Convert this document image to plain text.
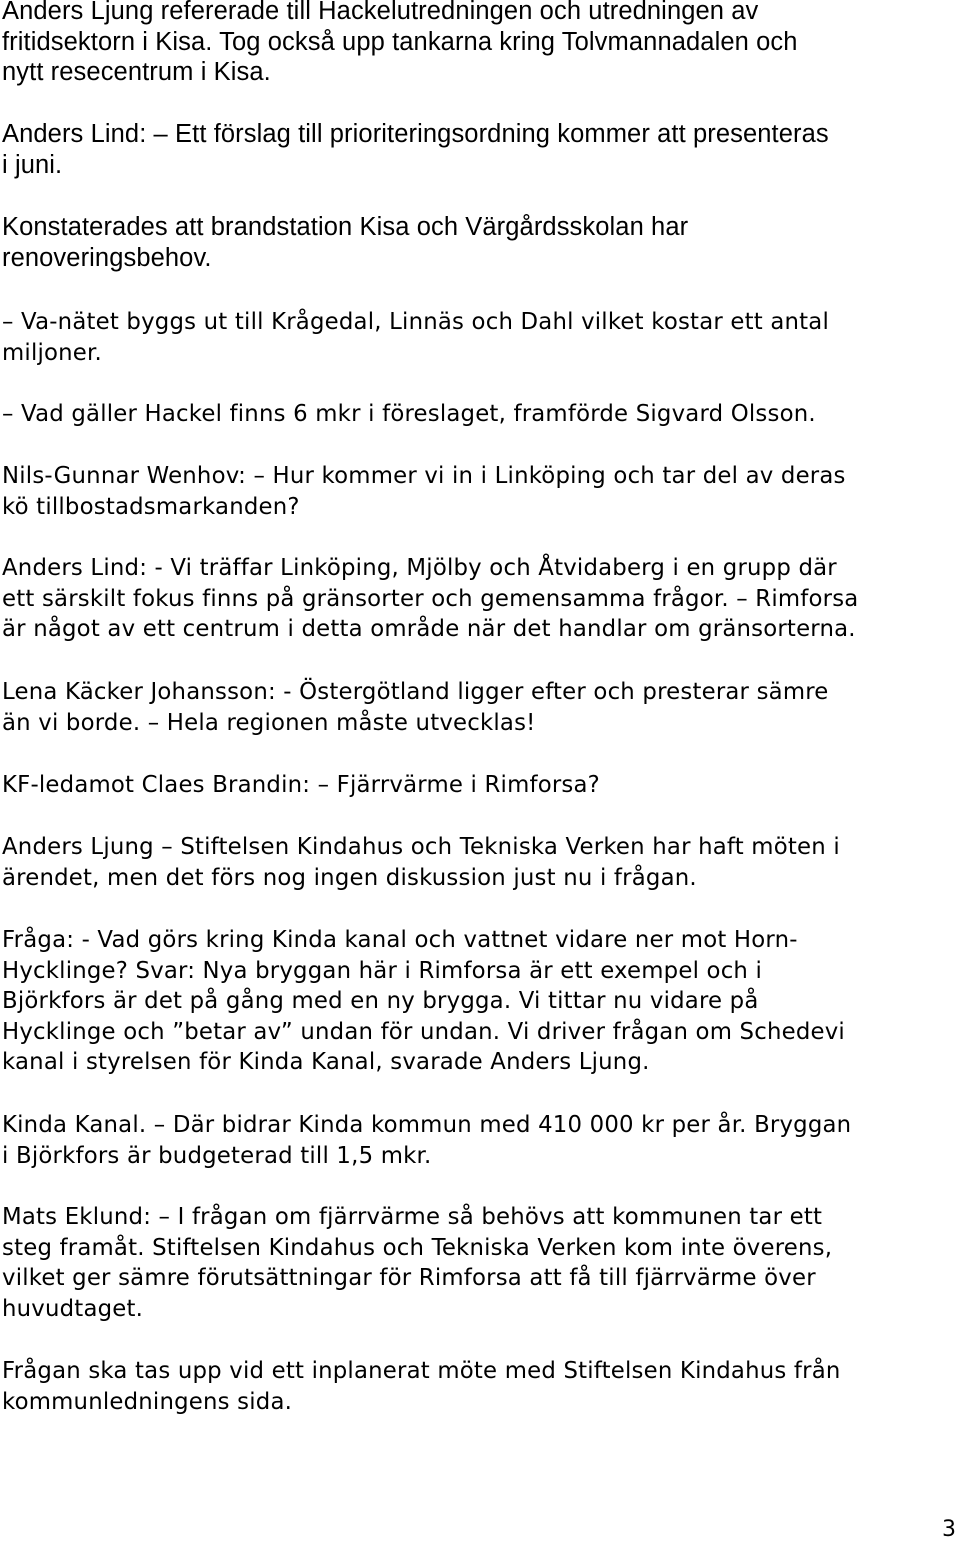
Anders Ljung refererade till Hackelutredningen och utredningen av
fritidsektorn i Kisa. Tog också upp tankarna kring Tolvmannadalen och
nytt resecentrum i Kisa.

Anders Lind: – Ett förslag till prioriteringsordning kommer att presenteras
i juni.

Konstaterades att brandstation Kisa och Värgårdsskolan har
renoveringsbehov.

– Va-nätet byggs ut till Krågedal, Linnäs och Dahl vilket kostar ett antal
miljoner.

– Vad gäller Hackel finns 6 mkr i föreslaget, framförde Sigvard Olsson.

Nils-Gunnar Wenhov: – Hur kommer vi in i Linköping och tar del av deras
kö tillbostadsmarkanden?

Anders Lind: - Vi träffar Linköping, Mjölby och Åtvidaberg i en grupp där
ett särskilt fokus finns på gränsorter och gemensamma frågor. – Rimforsa
är något av ett centrum i detta område när det handlar om gränsorterna.

Lena Käcker Johansson: - Östergötland ligger efter och presterar sämre
än vi borde. – Hela regionen måste utvecklas!

KF-ledamot Claes Brandin: – Fjärrvärme i Rimforsa?

Anders Ljung – Stiftelsen Kindahus och Tekniska Verken har haft möten i
ärendet, men det förs nog ingen diskussion just nu i frågan.

Fråga: - Vad görs kring Kinda kanal och vattnet vidare ner mot Horn-
Hycklinge? Svar: Nya bryggan här i Rimforsa är ett exempel och i
Björkfors är det på gång med en ny brygga. Vi tittar nu vidare på
Hycklinge och ”betar av” undan för undan. Vi driver frågan om Schedevi
kanal i styrelsen för Kinda Kanal, svarade Anders Ljung.

Kinda Kanal. – Där bidrar Kinda kommun med 410 000 kr per år. Bryggan
i Björkfors är budgeterad till 1,5 mkr.

Mats Eklund: – I frågan om fjärrvärme så behövs att kommunen tar ett
steg framåt. Stiftelsen Kindahus och Tekniska Verken kom inte överens,
vilket ger sämre förutsättningar för Rimforsa att få till fjärrvärme över
huvudtaget.

Frågan ska tas upp vid ett inplanerat möte med Stiftelsen Kindahus från
kommunledningens sida.

3
